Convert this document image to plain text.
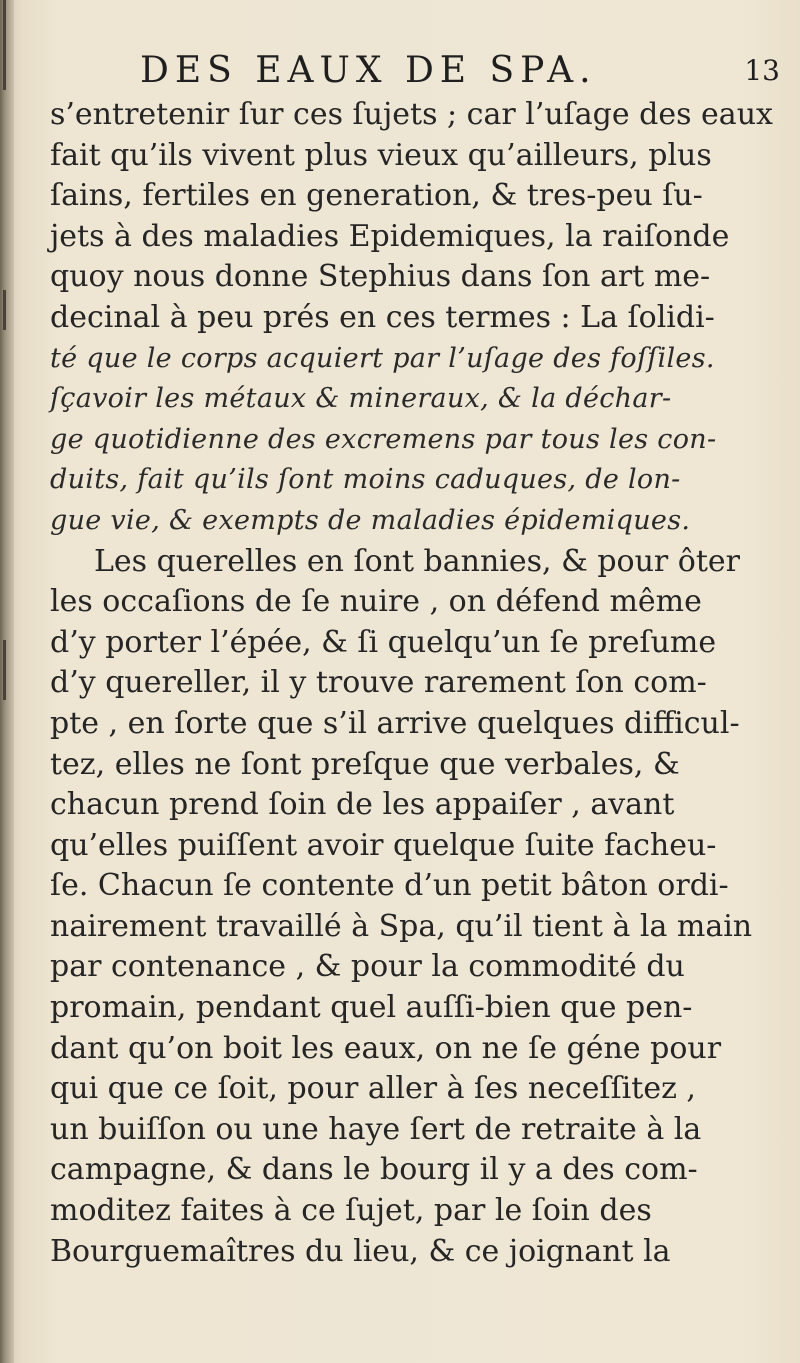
DES EAUX DE SPA.	13
s’entretenir ſur ces ſujets ; car l’uſage des eaux
fait qu’ils vivent plus vieux qu’ailleurs, plus
ſains, fertiles en generation, & tres-peu ſu-
jets à des maladies Epidemiques, la raiſonde
quoy nous donne Stephius dans ſon art me-
decinal à peu prés en ces termes : La ſolidi-
té que le corps acquiert par l’uſage des foſſiles.
ſçavoir les métaux & mineraux, & la déchar-
ge quotidienne des excremens par tous les con-
duits, fait qu’ils ſont moins caduques, de lon-
gue vie, & exempts de maladies épidemiques.
Les querelles en ſont bannies, & pour ôter
les occaſions de ſe nuire , on défend même
d’y porter l’épée, & ſi quelqu’un ſe preſume
d’y quereller, il y trouve rarement ſon com-
pte , en ſorte que s’il arrive quelques difficul-
tez, elles ne ſont preſque que verbales, &
chacun prend ſoin de les appaiſer , avant
qu’elles puiſſent avoir quelque ſuite facheu-
ſe. Chacun ſe contente d’un petit bâton ordi-
nairement travaillé à Spa, qu’il tient à la main
par contenance , & pour la commodité du
promain, pendant quel auſſi-bien que pen-
dant qu’on boit les eaux, on ne ſe géne pour
qui que ce ſoit, pour aller à ſes neceſſitez ,
un buiſſon ou une haye ſert de retraite à la
campagne, & dans le bourg il y a des com-
moditez faites à ce ſujet, par le ſoin des
Bourguemaîtres du lieu, & ce joignant la
